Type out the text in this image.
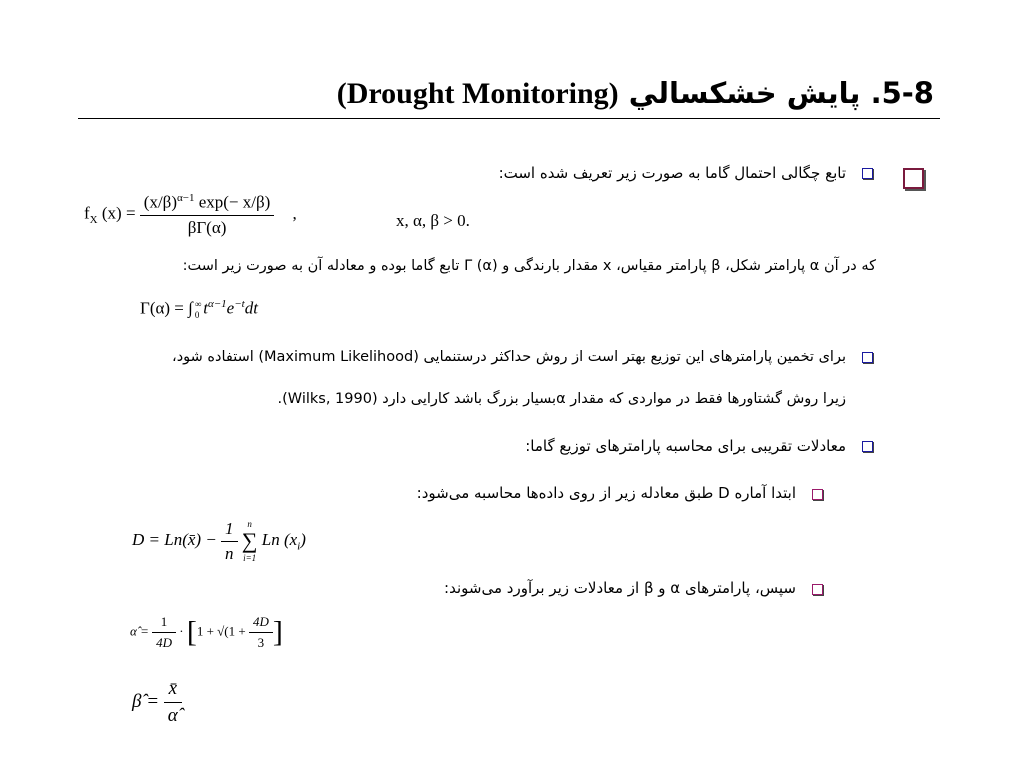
5-8. پایش خشکسالي (Drought Monitoring)
تابع چگالی احتمال گاما به صورت زیر تعریف شده است:
$f_X$ $(x) = \frac{(x/\beta)^{\alpha-1} \exp(- x/\beta)}{\beta\Gamma(\alpha)}$ ,	x, α, β > 0.
که در آن α پارامتر شکل، β پارامتر مقیاس، x مقدار بارندگی و Γ (α) تابع گاما بوده و معادله آن به صورت زیر است:
Γ(α) = ∫ ∞
0 $t^{\alpha-1}e^{-t}dt$
برای تخمین پارامترهای این توزیع بهتر است از روش حداکثر درستنمایی (Maximum Likelihood) استفاده شود،
زیرا روش گشتاورها فقط در مواردی که مقدار αبسیار بزرگ باشد کارایی دارد (Wilks, 1990).
معادلات تقریبی برای محاسبه پارامترهای توزیع گاما:
ابتدا آماره D طبق معادله زیر از روی داده‌ها محاسبه می‌شود:
D = Ln(x̄) − $\frac{1}{n}$
	n
∑
i=1
Ln $(x_i)$
سپس، پارامترهای α و β از معادلات زیر برآورد می‌شوند:
α̂ = $\frac{1}{4D} \cdot [1 + √(1 + \frac{4D}{3}$ ]
β̂ = $\frac{x̄}{\alphâ}$
